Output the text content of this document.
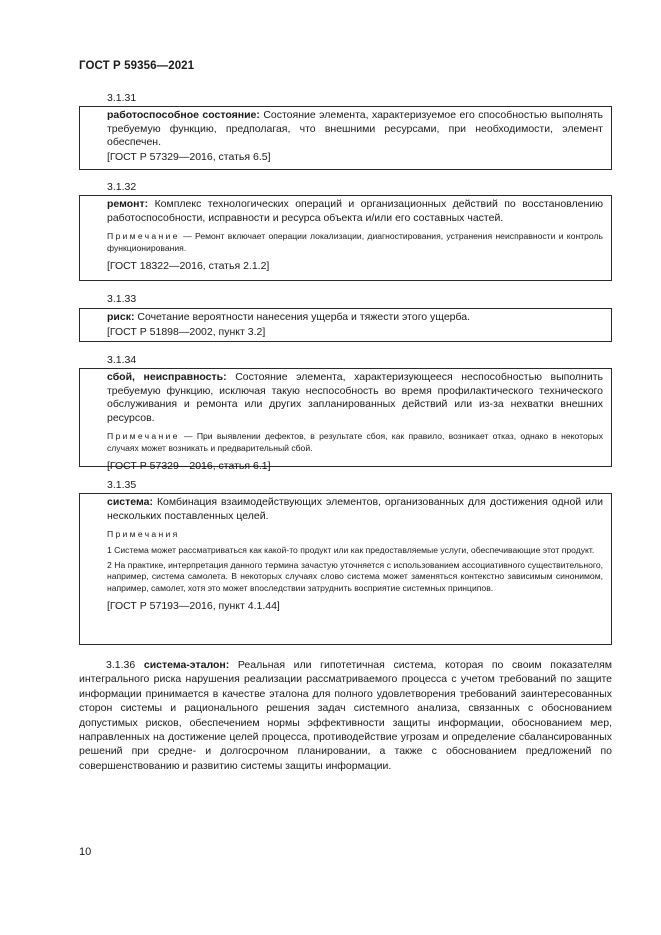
ГОСТ Р 59356—2021
3.1.31

работоспособное состояние: Состояние элемента, характеризуемое его способностью выполнять требуемую функцию, предполагая, что внешними ресурсами, при необходимости, элемент обеспечен.

[ГОСТ Р 57329—2016, статья 6.5]

3.1.32

ремонт: Комплекс технологических операций и организационных действий по восстановлению работоспособности, исправности и ресурса объекта и/или его составных частей.

Примечание — Ремонт включает операции локализации, диагностирования, устранения неисправности и контроль функционирования.

[ГОСТ 18322—2016, статья 2.1.2]

3.1.33

риск: Сочетание вероятности нанесения ущерба и тяжести этого ущерба.

[ГОСТ Р 51898—2002, пункт 3.2]

3.1.34

сбой, неисправность: Состояние элемента, характеризующееся неспособностью выполнить требуемую функцию, исключая такую неспособность во время профилактического технического обслуживания и ремонта или других запланированных действий или из-за нехватки внешних ресурсов.

Примечание — При выявлении дефектов, в результате сбоя, как правило, возникает отказ, однако в некоторых случаях может возникать и предварительный сбой.

[ГОСТ Р 57329—2016, статья 6.1]

3.1.35

система: Комбинация взаимодействующих элементов, организованных для достижения одной или нескольких поставленных целей.

Примечания

1 Система может рассматриваться как какой-то продукт или как предоставляемые услуги, обеспечивающие этот продукт.

2 На практике, интерпретация данного термина зачастую уточняется с использованием ассоциативного существительного, например, система самолета. В некоторых случаях слово система может заменяться контекстно зависимым синонимом, например, самолет, хотя это может впоследствии затруднить восприятие системных принципов.

[ГОСТ Р 57193—2016, пункт 4.1.44]

3.1.36 система-эталон: Реальная или гипотетичная система, которая по своим показателям интегрального риска нарушения реализации рассматриваемого процесса с учетом требований по защите информации принимается в качестве эталона для полного удовлетворения требований заинтересованных сторон системы и рационального решения задач системного анализа, связанных с обоснованием допустимых рисков, обеспечением нормы эффективности защиты информации, обоснованием мер, направленных на достижение целей процесса, противодействие угрозам и определение сбалансированных решений при средне- и долгосрочном планировании, а также с обоснованием предложений по совершенствованию и развитию системы защиты информации.
10
